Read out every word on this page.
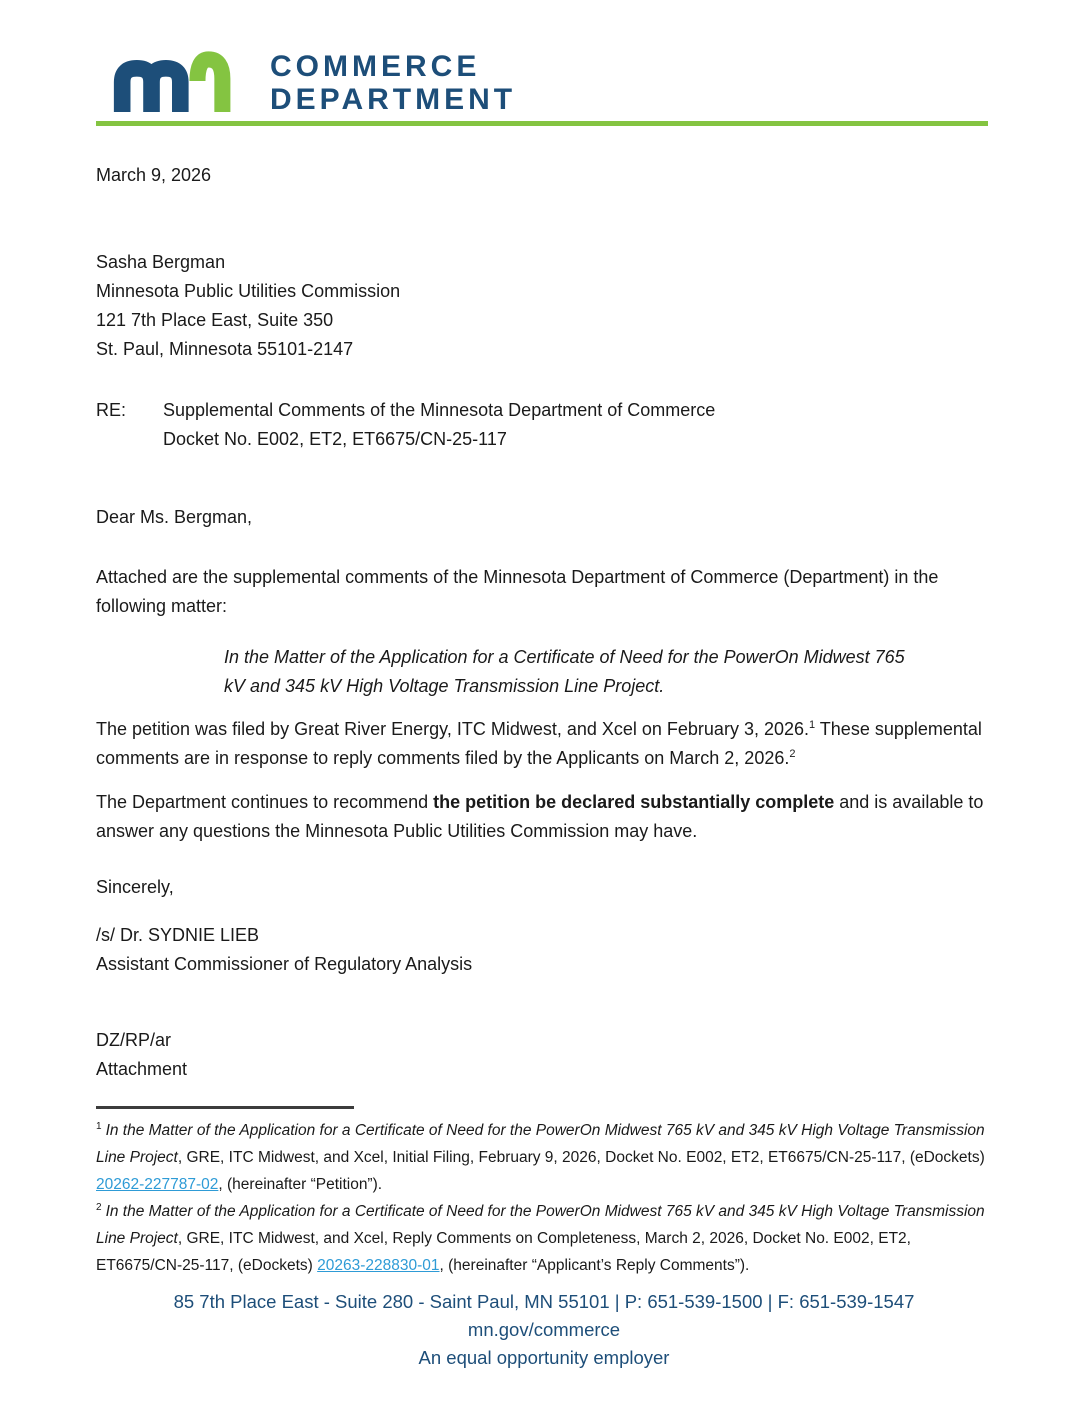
COMMERCE
DEPARTMENT
March 9, 2026
Sasha Bergman
Minnesota Public Utilities Commission
121 7th Place East, Suite 350
St. Paul, Minnesota 55101-2147
RE:	Supplemental Comments of the Minnesota Department of Commerce
Docket No. E002, ET2, ET6675/CN-25-117
Dear Ms. Bergman,

Attached are the supplemental comments of the Minnesota Department of Commerce (Department) in the following matter:

In the Matter of the Application for a Certificate of Need for the PowerOn Midwest 765 kV and 345 kV High Voltage Transmission Line Project.

The petition was filed by Great River Energy, ITC Midwest, and Xcel on February 3, 2026.$^1$ These supplemental comments are in response to reply comments filed by the Applicants on March 2, 2026.$^2$

The Department continues to recommend the petition be declared substantially complete and is available to answer any questions the Minnesota Public Utilities Commission may have.

Sincerely,
/s/ Dr. SYDNIE LIEB
Assistant Commissioner of Regulatory Analysis
DZ/RP/ar
Attachment
$^1$ In the Matter of the Application for a Certificate of Need for the PowerOn Midwest 765 kV and 345 kV High Voltage Transmission Line Project, GRE, ITC Midwest, and Xcel, Initial Filing, February 9, 2026, Docket No. E002, ET2, ET6675/CN-25-117, (eDockets) 20262-227787-02, (hereinafter “Petition”).
$^2$ In the Matter of the Application for a Certificate of Need for the PowerOn Midwest 765 kV and 345 kV High Voltage Transmission Line Project, GRE, ITC Midwest, and Xcel, Reply Comments on Completeness, March 2, 2026, Docket No. E002, ET2, ET6675/CN-25-117, (eDockets) 20263-228830-01, (hereinafter “Applicant’s Reply Comments”).
85 7th Place East - Suite 280 - Saint Paul, MN 55101 | P: 651-539-1500 | F: 651-539-1547
mn.gov/commerce
An equal opportunity employer
